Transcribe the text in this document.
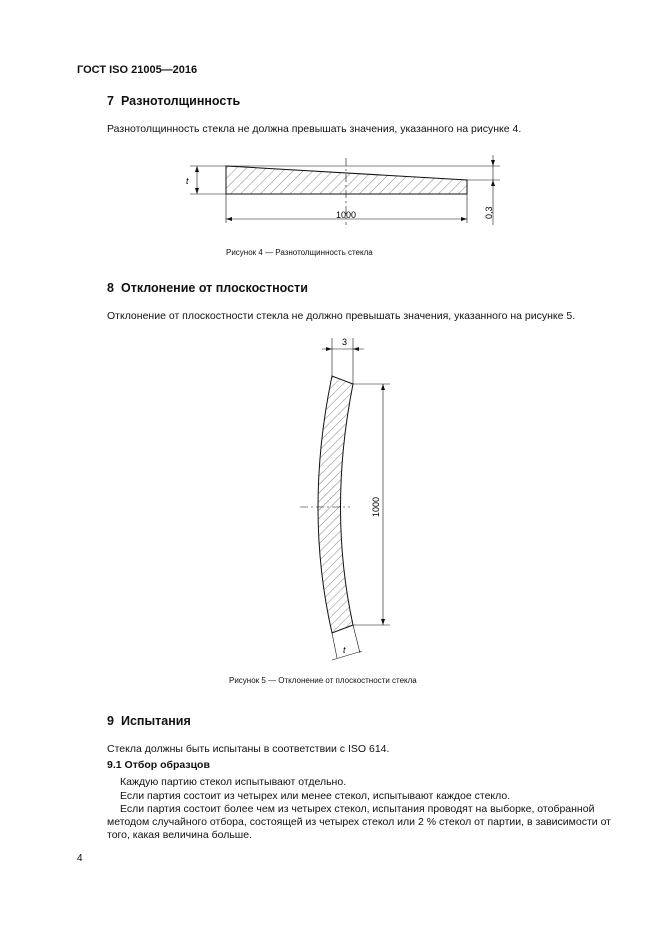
ГОСТ ISO 21005—2016
7 Разнотолщинность
Разнотолщинность стекла не должна превышать значения, указанного на рисунке 4.
t
1000	0,3
Рисунок 4 — Разнотолщинность стекла
8 Отклонение от плоскостности
Отклонение от плоскостности стекла не должно превышать значения, указанного на рисунке 5.
3
1000
t
Рисунок 5 — Отклонение от плоскостности стекла
9 Испытания
Стекла должны быть испытаны в соответствии с ISO 614.
9.1 Отбор образцов
Каждую партию стекол испытывают отдельно.
Если партия состоит из четырех или менее стекол, испытывают каждое стекло.
Если партия состоит более чем из четырех стекол, испытания проводят на выборке, отобранной
методом случайного отбора, состоящей из четырех стекол или 2 % стекол от партии, в зависимости от
того, какая величина больше.
4
